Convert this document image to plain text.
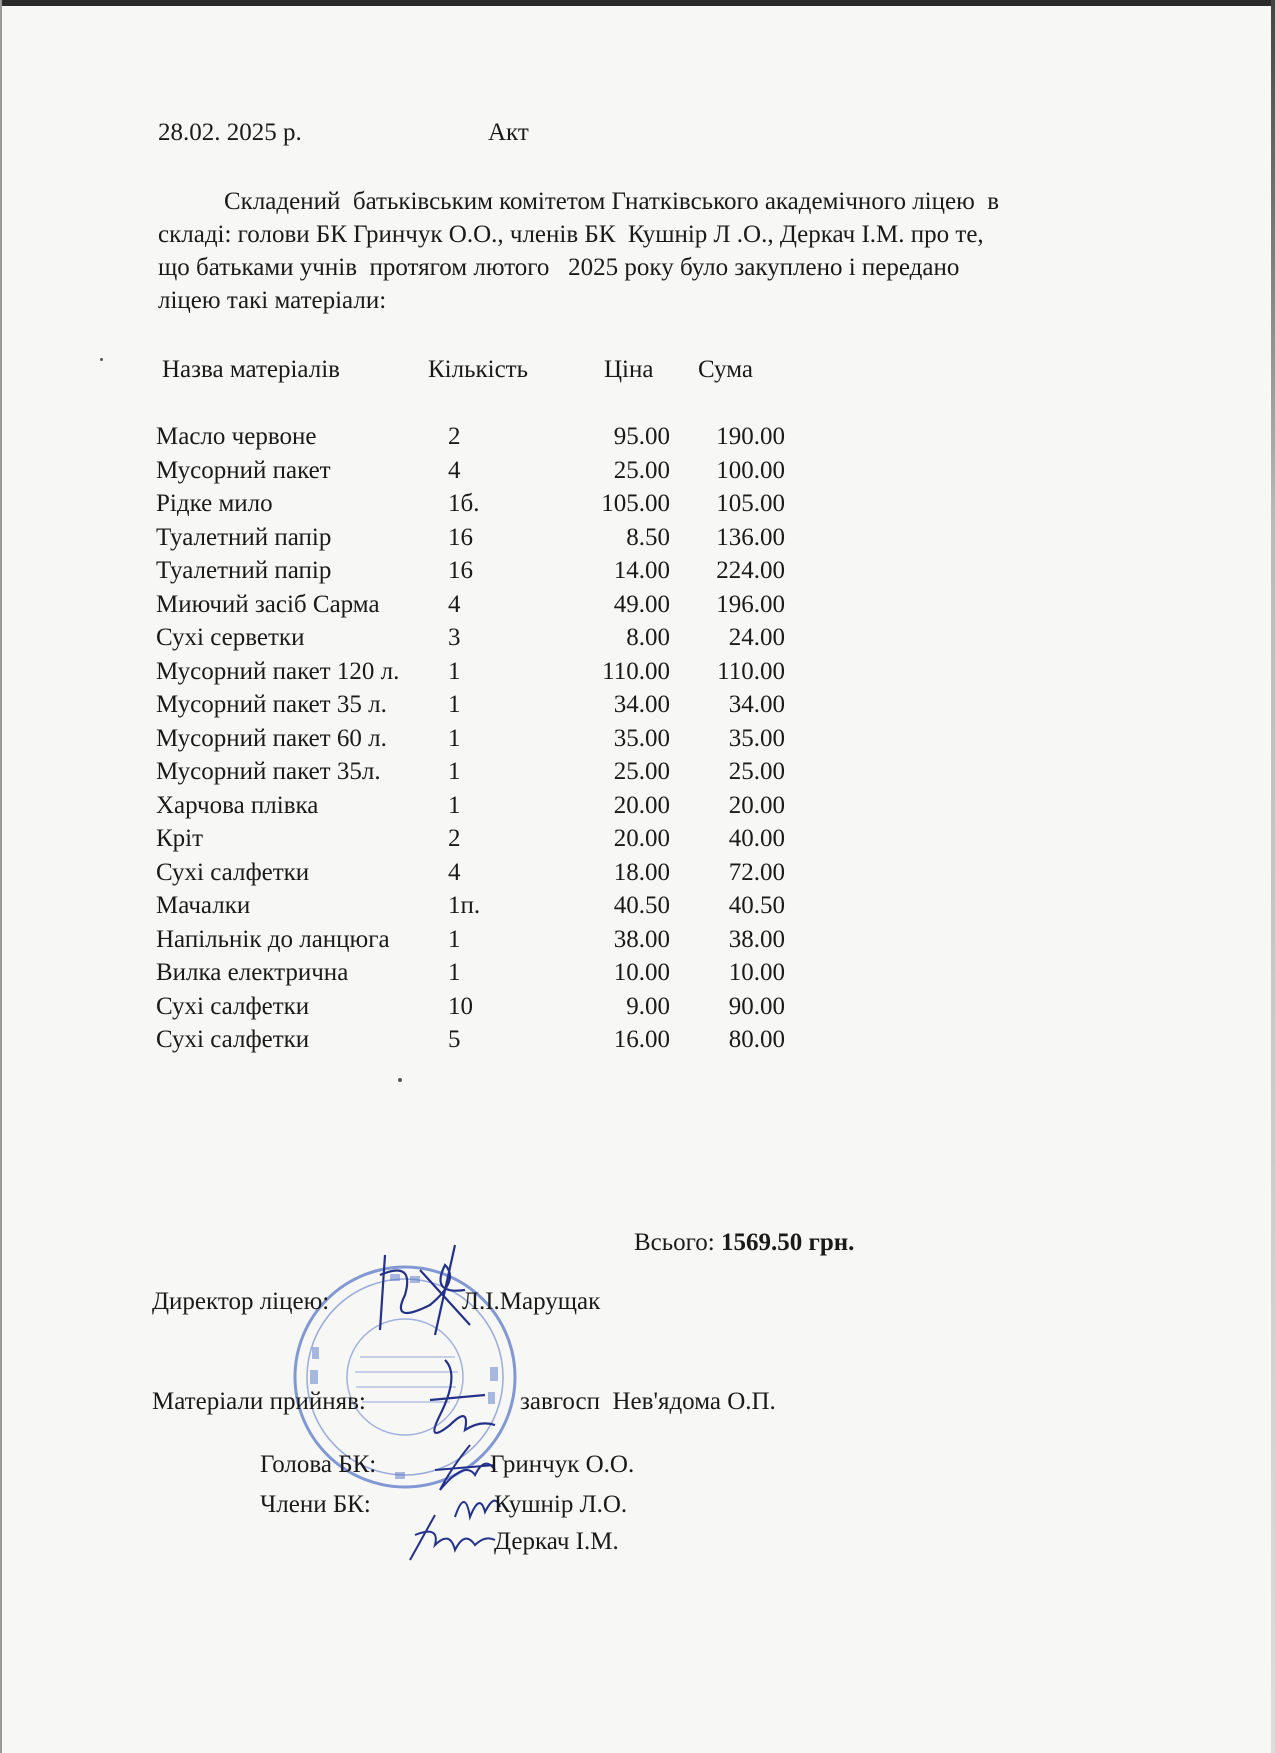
28.02. 2025 р.	Акт
Складений  батьківським комітетом Гнатківського академічного ліцею  в
складі: голови БК Гринчук О.О., членів БК  Кушнір Л .О., Деркач І.М. про те,
що батьками учнів  протягом лютого   2025 року було закуплено і передано
ліцею такі матеріали:
Назва матеріалів	Кількість	Ціна Сума
Масло червоне	2	95.00	190.00
Мусорний пакет	4	25.00	100.00
Рідке мило	1б.	105.00	105.00
Туалетний папір	16	8.50	136.00
Туалетний папір	16	14.00	224.00
Миючий засіб Сарма	4	49.00	196.00
Сухі серветки	3	8.00	24.00
Мусорний пакет 120 л. 1	110.00	110.00
Мусорний пакет 35 л. 1	34.00	34.00
Мусорний пакет 60 л. 1	35.00	35.00
Мусорний пакет 35л.	1	25.00	25.00
Харчова плівка	1	20.00	20.00
Кріт	2	20.00	40.00
Сухі салфетки	4	18.00	72.00
Мачалки	1п.	40.50	40.50
Напільнік до ланцюга 1	38.00	38.00
Вилка електрична	1	10.00	10.00
Сухі салфетки	10	9.00	90.00
Сухі салфетки	5	16.00	80.00
Всього: 1569.50 грн.
Директор ліцею:	Л.І.Марущак
Матеріали прийняв:	завгосп  Нев'ядома О.П.
Голова БК:	Гринчук О.О.
Члени БК:	Кушнір Л.О.
Деркач І.М.
